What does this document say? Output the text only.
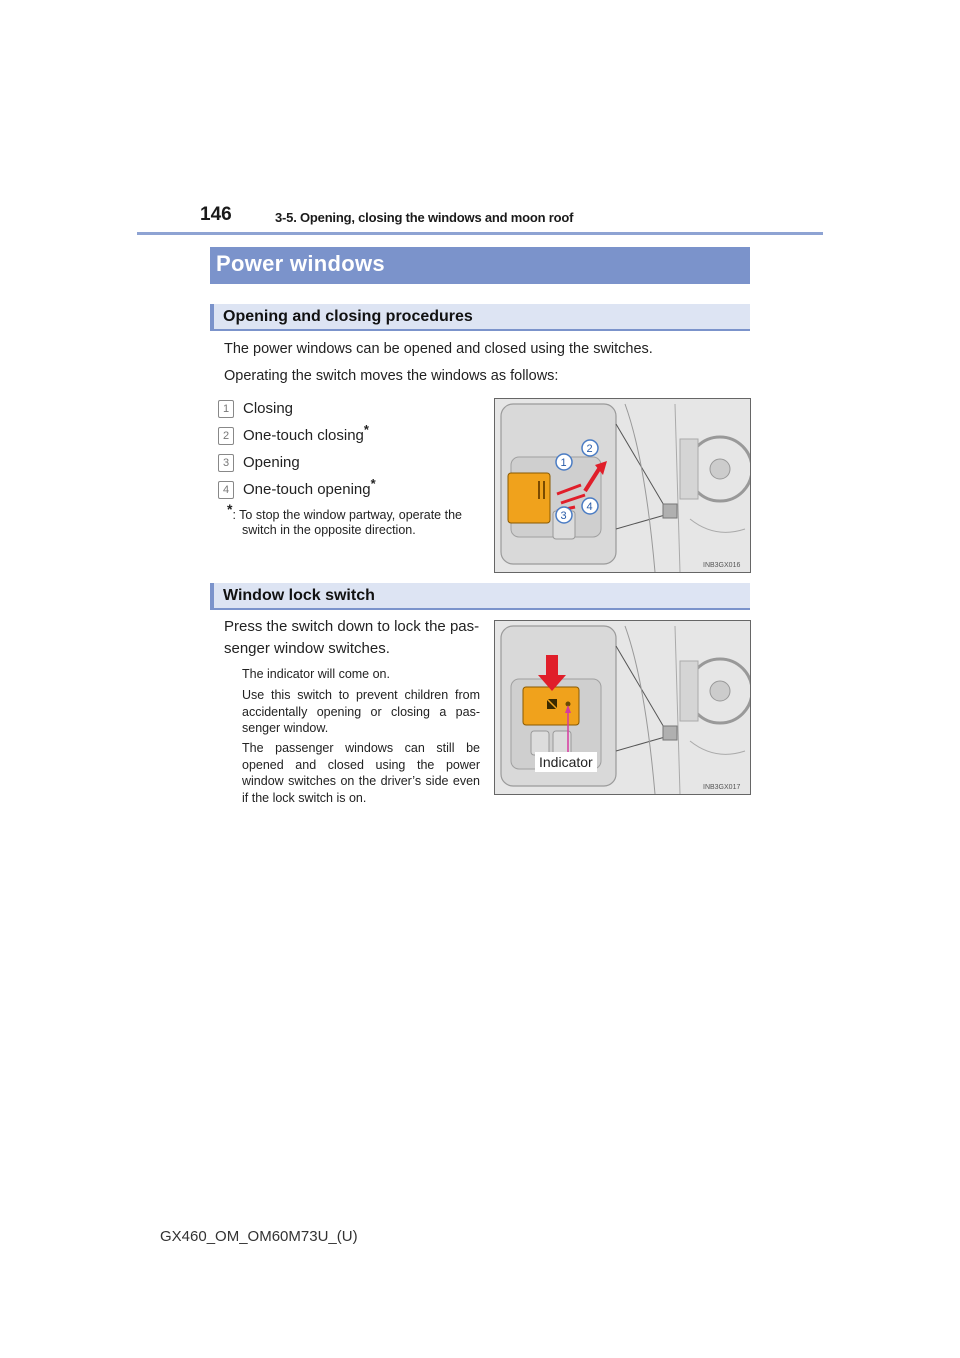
146	3-5. Opening, closing the windows and moon roof
Power windows
Opening and closing procedures
The power windows can be opened and closed using the switches.
Operating the switch moves the windows as follows:
1 Closing
2 One-touch closing*
3 Opening
4 One-touch opening*
*: To stop the window partway, operate the
switch in the opposite direction.
1
2
3
4
INB3GX016
Window lock switch
Press the switch down to lock the pas-
senger window switches.
The indicator will come on.
Use this switch to prevent children from accidentally opening or closing a pas-senger window.
The passenger windows can still be opened and closed using the power window switches on the driver’s side even if the lock switch is on.
Indicator
INB3GX017
GX460_OM_OM60M73U_(U)
